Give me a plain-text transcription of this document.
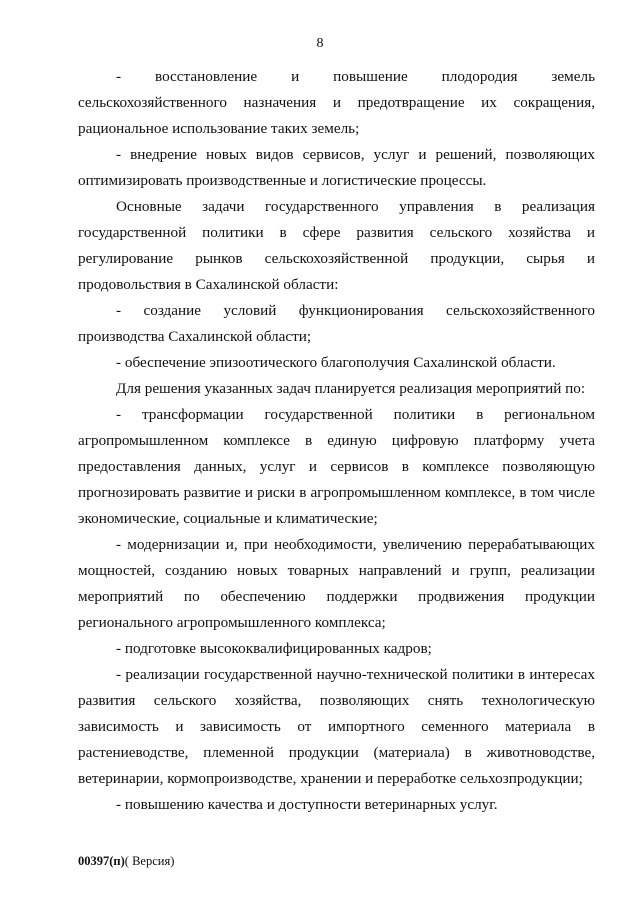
8

- восстановление и повышение плодородия земель сельскохозяйственного назначения и предотвращение их сокращения, рациональное использование таких земель;

- внедрение новых видов сервисов, услуг и решений, позволяющих оптимизировать производственные и логистические процессы.

Основные задачи государственного управления в реализация государственной политики в сфере развития сельского хозяйства и регулирование рынков сельскохозяйственной продукции, сырья и продовольствия в Сахалинской области:

- создание условий функционирования сельскохозяйственного производства Сахалинской области;

- обеспечение эпизоотического благополучия Сахалинской области.

Для решения указанных задач планируется реализация мероприятий по:

- трансформации государственной политики в региональном агропромышленном комплексе в единую цифровую платформу учета предоставления данных, услуг и сервисов в комплексе позволяющую прогнозировать развитие и риски в агропромышленном комплексе, в том числе экономические, социальные и климатические;

- модернизации и, при необходимости, увеличению перерабатывающих мощностей, созданию новых товарных направлений и групп, реализации мероприятий по обеспечению поддержки продвижения продукции регионального агропромышленного комплекса;

- подготовке высококвалифицированных кадров;

- реализации государственной научно-технической политики в интересах развития сельского хозяйства, позволяющих снять технологическую зависимость и зависимость от импортного семенного материала в растениеводстве, племенной продукции (материала) в животноводстве, ветеринарии, кормопроизводстве, хранении и переработке сельхозпродукции;

- повышению качества и доступности ветеринарных услуг.

00397(п)( Версия)
